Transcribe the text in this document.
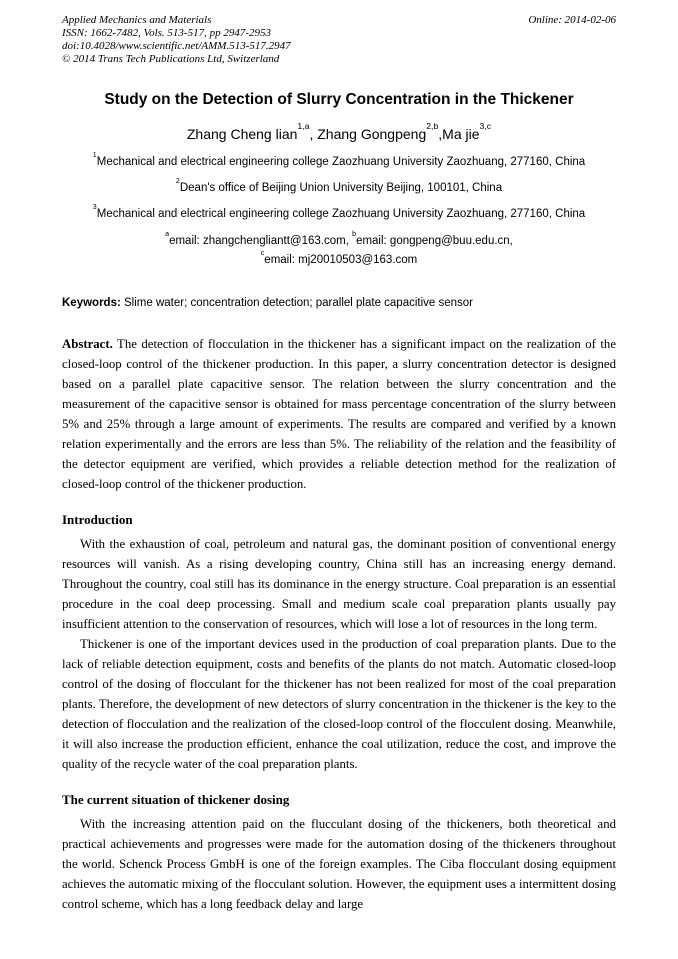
Applied Mechanics and Materials
ISSN: 1662-7482, Vols. 513-517, pp 2947-2953
doi:10.4028/www.scientific.net/AMM.513-517.2947
© 2014 Trans Tech Publications Ltd, Switzerland
Online: 2014-02-06
Study on the Detection of Slurry Concentration in the Thickener
Zhang Cheng lian$^{1,a}$, Zhang Gongpeng$^{2,b}$,Ma jie$^{3,c}$
$^1$Mechanical and electrical engineering college Zaozhuang University Zaozhuang, 277160, China
$^2$Dean's office of Beijing Union University Beijing, 100101, China
$^3$Mechanical and electrical engineering college Zaozhuang University Zaozhuang, 277160, China
$^a$email: zhangchengliantt@163.com, $^b$email: gongpeng@buu.edu.cn,
$^c$email: mj20010503@163.com
Keywords: Slime water; concentration detection; parallel plate capacitive sensor
Abstract. The detection of flocculation in the thickener has a significant impact on the realization of the closed-loop control of the thickener production. In this paper, a slurry concentration detector is designed based on a parallel plate capacitive sensor. The relation between the slurry concentration and the measurement of the capacitive sensor is obtained for mass percentage concentration of the slurry between 5% and 25% through a large amount of experiments. The results are compared and verified by a known relation experimentally and the errors are less than 5%. The reliability of the relation and the feasibility of the detector equipment are verified, which provides a reliable detection method for the realization of closed-loop control of the thickener production.
Introduction

With the exhaustion of coal, petroleum and natural gas, the dominant position of conventional energy resources will vanish. As a rising developing country, China still has an increasing energy demand. Throughout the country, coal still has its dominance in the energy structure. Coal preparation is an essential procedure in the coal deep processing. Small and medium scale coal preparation plants usually pay insufficient attention to the conservation of resources, which will lose a lot of resources in the long term.

Thickener is one of the important devices used in the production of coal preparation plants. Due to the lack of reliable detection equipment, costs and benefits of the plants do not match. Automatic closed-loop control of the dosing of flocculant for the thickener has not been realized for most of the coal preparation plants. Therefore, the development of new detectors of slurry concentration in the thickener is the key to the detection of flocculation and the realization of the closed-loop control of the flocculent dosing. Meanwhile, it will also increase the production efficient, enhance the coal utilization, reduce the cost, and improve the quality of the recycle water of the coal preparation plants.

The current situation of thickener dosing

With the increasing attention paid on the flucculant dosing of the thickeners, both theoretical and practical achievements and progresses were made for the automation dosing of the thickeners throughout the world. Schenck Process GmbH is one of the foreign examples. The Ciba flocculant dosing equipment achieves the automatic mixing of the flocculant solution. However, the equipment uses a intermittent dosing control scheme, which has a long feedback delay and large
